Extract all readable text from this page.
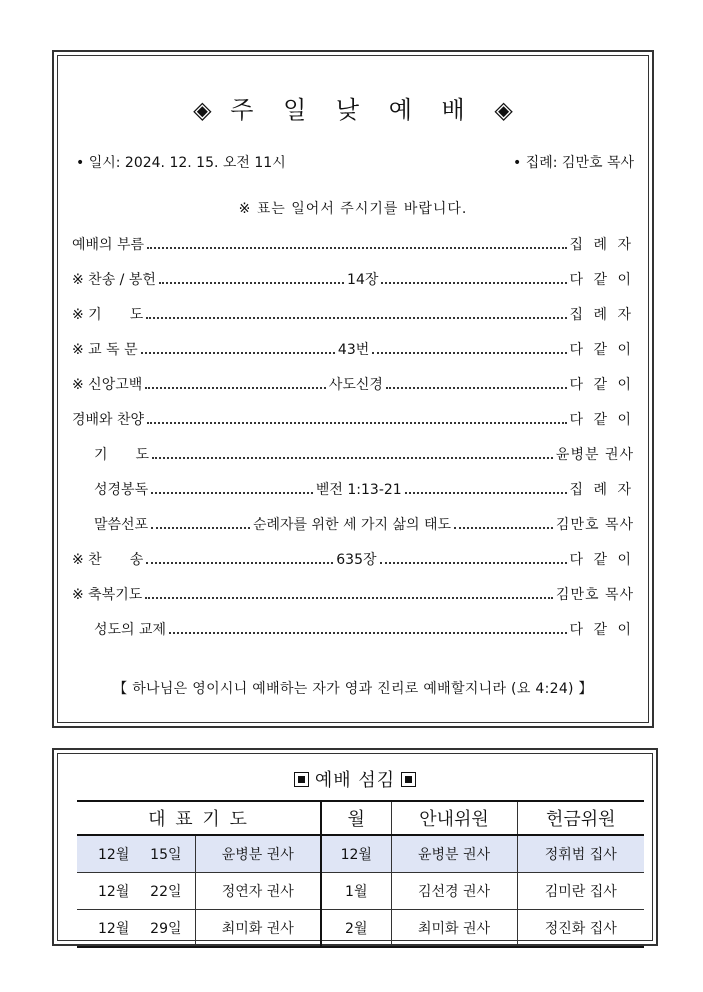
◈ 주 일 낮 예 배 ◈
• 일시: 2024. 12. 15. 오전 11시	• 집례: 김만호 목사
※ 표는 일어서 주시기를 바랍니다.
예배의 부름	집 례 자
※ 찬송 / 봉헌	14장	다 같 이
※ 기　　도	집 례 자
※ 교 독 문	43번	다 같 이
※ 신앙고백	사도신경	다 같 이
경배와 찬양	다 같 이
기　　도	윤병분 권사
성경봉독	벧전 1:13-21	집 례 자
말씀선포	순례자를 위한 세 가지 삶의 태도	김만호 목사
※ 찬　　송	635장	다 같 이
※ 축복기도	김만호 목사
성도의 교제	다 같 이
【 하나님은 영이시니 예배하는 자가 영과 진리로 예배할지니라 (요 4:24) 】
예배 섬김
대 표 기 도		월	안내위원	헌금위원

12월 15일	윤병분 권사	12월	윤병분 권사	정휘범 집사

12월 22일	정연자 권사	1월	김선경 권사	김미란 집사

12월 29일	최미화 권사	2월	최미화 권사	정진화 집사
